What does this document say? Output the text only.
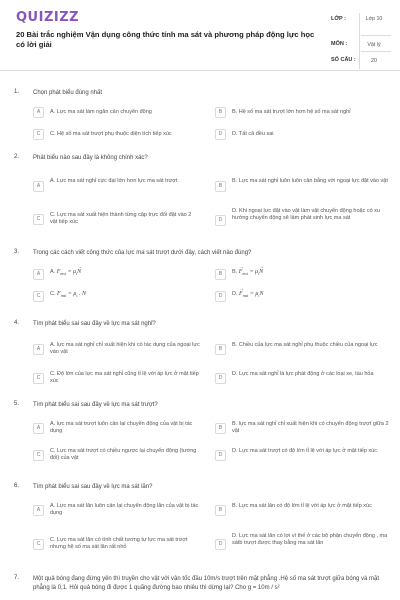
QUIZIZZ
20 Bài trắc nghiệm Vận dụng công thức tính ma sát và phương pháp động lực học có lời giải
LỚP :	Lớp 10
MÔN :	Vật lý
SỐ CÂU :	20
1. Chọn phát biểu đúng nhất
A	A. Lực ma sát làm ngăn cản chuyển động	B	B. Hệ số ma sát trượt lớn hơn hệ số ma sát nghỉ
C	C. Hệ số ma sát trượt phụ thuộc diện tích tiếp xúc	D	D. Tất cả đều sai
2. Phát biểu nào sau đây là không chính xác?
A
A. Lực ma sát nghỉ cực đại lớn hơn lực ma sát trượt
B
B. Lực ma sát nghỉ luôn luôn cân bằng với ngoại lực đặt vào vật
C
C. Lực ma sát xuất hiện thành từng cặp trực đối đặt vào 2 vật tiếp xúc	D
D. Khi ngoại lực đặt vào vật làm vật chuyển động hoặc có xu hướng chuyển động sẽ làm phát sinh lực ma sát
3. Trong các cách viết công thức của lực ma sát trượt dưới đây, cách viết nào đúng?
A	A. $F_{mst} = \mu_tN$
→
B	B. F
→
$_{mst} = \mu_tN$
→
C	C. $F_{mst} = \mu_t$ . N	D	D. F
→
$_{mst} = \mu_tN$
4. Tìm phát biểu sai sau đây về lực ma sát nghỉ?
A
A. lực ma sát nghỉ chỉ xuất hiện khi có tác dụng của ngoại lực vào vật	B
B. Chiều của lực ma sát nghỉ phụ thuộc chiều của ngoại lực
C
C. Độ lớn của lực ma sát nghỉ cũng tỉ lệ với áp lực ở mặt tiếp xúc	D
D. Lực ma sát nghỉ là lực phát động ở các loại xe, tàu hỏa
5. Tìm phát biểu sai sau đây về lực ma sát trượt?
A
A. lực ma sát trượt luôn cản lại chuyển động của vật bị tác dụng	B
B. lực ma sát nghỉ chỉ xuất hiện khi có chuyển động trượt giữa 2 vật
C
C. Lực ma sát trượt có chiều ngược lại chuyển động (tương đối) của vật	D
D. Lực ma sát trượt có độ lớn tỉ lệ với áp lực ở mặt tiếp xúc
6. Tìm phát biểu sai sau đây về lực ma sát lăn?
A
A. Lực ma sát lăn luôn cản lại chuyển động lăn của vật bị tác dụng	B
B. Lực ma sát lăn có độ lớn tỉ lệ với áp lực ở mặt tiếp xúc
C
C. Lực ma sát lăn có tính chất tương tự lực ma sát trượt nhưng hệ số ma sát lăn rất nhỏ	D
D. Lực ma sát lăn có lợi vì thế ở các bộ phận chuyển động , ma sátb trượt được thay bằng ma sát lăn
7. Một quả bóng đang đứng yên thì truyền cho vật với vận tốc đầu 10m/s trượt trên mặt phẳng .Hệ số ma sát trượt giữa bóng và mặt phẳng là 0,1. Hỏi quả bóng đi được 1 quãng đường bao nhiêu thì dừng lại? Cho g = 10m / s²
